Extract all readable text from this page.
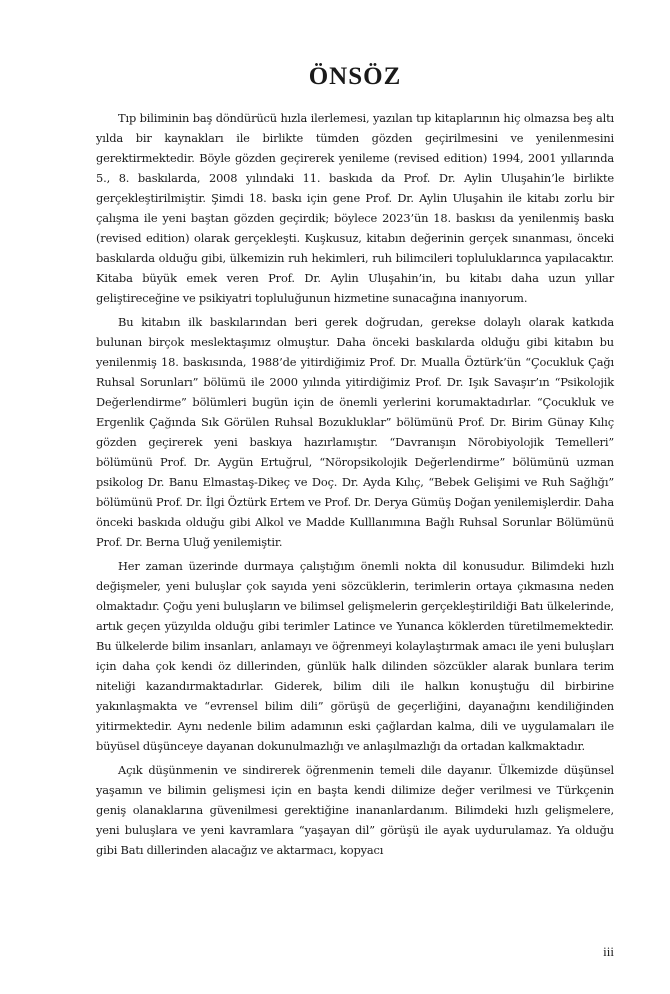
ÖNSÖZ

Tıp biliminin baş döndürücü hızla ilerlemesi, yazılan tıp kitaplarının hiç olmazsa beş altı yılda bir kaynakları ile birlikte tümden gözden geçirilmesini ve yenilenmesini gerektirmektedir. Böyle gözden geçirerek yenileme (revised edition) 1994, 2001 yıllarında 5., 8. baskılarda, 2008 yılındaki 11. baskıda da Prof. Dr. Aylin Uluşahin’le birlikte gerçekleştirilmiştir. Şimdi 18. baskı için gene Prof. Dr. Aylin Uluşahin ile kitabı zorlu bir çalışma ile yeni baştan gözden geçirdik; böylece 2023’ün 18. baskısı da yenilenmiş baskı (revised edition) olarak gerçekleşti. Kuşkusuz, kitabın değerinin gerçek sınanması, önceki baskılarda olduğu gibi, ülkemizin ruh hekimleri, ruh bilimcileri topluluklarınca yapılacaktır. Kitaba büyük emek veren Prof. Dr. Aylin Uluşahin’in, bu kitabı daha uzun yıllar geliştireceğine ve psikiyatri topluluğunun hizmetine sunacağına inanıyorum.

Bu kitabın ilk baskılarından beri gerek doğrudan, gerekse dolaylı olarak katkıda bulunan birçok meslektaşımız olmuştur. Daha önceki baskılarda olduğu gibi kitabın bu yenilenmiş 18. baskısında, 1988’de yitirdiğimiz Prof. Dr. Mualla Öztürk’ün “Çocukluk Çağı Ruhsal Sorunları” bölümü ile 2000 yılında yitirdiğimiz Prof. Dr. Işık Savaşır’ın “Psikolojik Değerlendirme” bölümleri bugün için de önemli yerlerini korumaktadırlar. “Çocukluk ve Ergenlik Çağında Sık Görülen Ruhsal Bozukluklar” bölümünü Prof. Dr. Birim Günay Kılıç gözden geçirerek yeni baskıya hazırlamıştır. “Davranışın Nörobiyolojik Temelleri” bölümünü Prof. Dr. Aygün Ertuğrul, “Nöropsikolojik Değerlendirme” bölümünü uzman psikolog Dr. Banu Elmastaş-Dikeç ve Doç. Dr. Ayda Kılıç, “Bebek Gelişimi ve Ruh Sağlığı” bölümünü Prof. Dr. İlgi Öztürk Ertem ve Prof. Dr. Derya Gümüş Doğan yenilemişlerdir. Daha önceki baskıda olduğu gibi Alkol ve Madde Kulllanımına Bağlı Ruhsal Sorunlar Bölümünü Prof. Dr. Berna Uluğ yenilemiştir.

Her zaman üzerinde durmaya çalıştığım önemli nokta dil konusudur. Bilimdeki hızlı değişmeler, yeni buluşlar çok sayıda yeni sözcüklerin, terimlerin ortaya çıkmasına neden olmaktadır. Çoğu yeni buluşların ve bilimsel gelişmelerin gerçekleştirildiği Batı ülkelerinde, artık geçen yüzyılda olduğu gibi terimler Latince ve Yunanca köklerden türetilmemektedir. Bu ülkelerde bilim insanları, anlamayı ve öğrenmeyi kolaylaştırmak amacı ile yeni buluşları için daha çok kendi öz dillerinden, günlük halk dilinden sözcükler alarak bunlara terim niteliği kazandırmaktadırlar. Giderek, bilim dili ile halkın konuştuğu dil birbirine yakınlaşmakta ve “evrensel bilim dili” görüşü de geçerliğini, dayanağını kendiliğinden yitirmektedir. Aynı nedenle bilim adamının eski çağlardan kalma, dili ve uygulamaları ile büyüsel düşünceye dayanan dokunulmazlığı ve anlaşılmazlığı da ortadan kalkmaktadır.

Açık düşünmenin ve sindirerek öğrenmenin temeli dile dayanır. Ülkemizde düşünsel yaşamın ve bilimin gelişmesi için en başta kendi dilimize değer verilmesi ve Türkçenin geniş olanaklarına güvenilmesi gerektiğine inananlardanım. Bilimdeki hızlı gelişmelere, yeni buluşlara ve yeni kavramlara “yaşayan dil” görüşü ile ayak uydurulamaz. Ya olduğu gibi Batı dillerinden alacağız ve aktarmacı, kopyacı

iii
